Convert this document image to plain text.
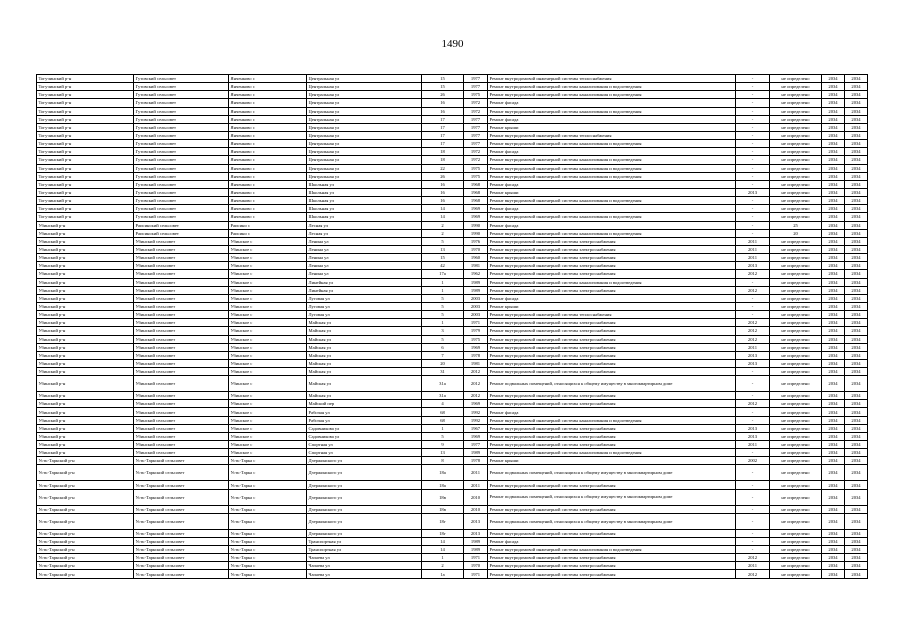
1490
Тогучинский р-н	Гутовский сельсовет	Янченково с	Центральная ул	15	1977	Ремонт внутридомовой инженерной системы теплоснабжения	-	не определено	2034	2034
Тогучинский р-н	Гутовский сельсовет	Янченково с	Центральная ул	15	1977	Ремонт внутридомовой инженерной системы канализования и водоотведения	-	не определено	2034	2034
Тогучинский р-н	Гутовский сельсовет	Янченково с	Центральная ул	26	1975	Ремонт внутридомовой инженерной системы канализования и водоотведения	-	не определено	2034	2034
Тогучинский р-н	Гутовский сельсовет	Янченково с	Центральная ул	16	1972	Ремонт фасада	-	не определено	2034	2034
Тогучинский р-н	Гутовский сельсовет	Янченково с	Центральная ул	16	1972	Ремонт внутридомовой инженерной системы канализования и водоотведения	-	не определено	2034	2034
Тогучинский р-н	Гутовский сельсовет	Янченково с	Центральная ул	17	1977	Ремонт фасада	-	не определено	2034	2034
Тогучинский р-н	Гутовский сельсовет	Янченково с	Центральная ул	17	1977	Ремонт крыши	-	не определено	2034	2034
Тогучинский р-н	Гутовский сельсовет	Янченково с	Центральная ул	17	1977	Ремонт внутридомовой инженерной системы теплоснабжения	-	не определено	2034	2034
Тогучинский р-н	Гутовский сельсовет	Янченково с	Центральная ул	17	1977	Ремонт внутридомовой инженерной системы канализования и водоотведения	-	не определено	2034	2034
Тогучинский р-н	Гутовский сельсовет	Янченково с	Центральная ул	18	1972	Ремонт фасада	-	не определено	2034	2034
Тогучинский р-н	Гутовский сельсовет	Янченково с	Центральная ул	18	1972	Ремонт внутридомовой инженерной системы канализования и водоотведения	-	не определено	2034	2034
Тогучинский р-н	Гутовский сельсовет	Янченково с	Центральная ул	22	1975	Ремонт внутридомовой инженерной системы канализования и водоотведения	-	не определено	2034	2034
Тогучинский р-н	Гутовский сельсовет	Янченково с	Центральная ул	26	1975	Ремонт внутридомовой инженерной системы канализования и водоотведения	-	не определено	2034	2034
Тогучинский р-н	Гутовский сельсовет	Янченково с	Школьная ул	16	1968	Ремонт фасада	-	не определено	2034	2034
Тогучинский р-н	Гутовский сельсовет	Янченково с	Школьная ул	16	1968	Ремонт крыши	2013	не определено	2034	2034
Тогучинский р-н	Гутовский сельсовет	Янченково с	Школьная ул	16	1968	Ремонт внутридомовой инженерной системы канализования и водоотведения	-	не определено	2034	2034
Тогучинский р-н	Гутовский сельсовет	Янченково с	Школьная ул	14	1969	Ремонт фасада	-	не определено	2034	2034
Тогучинский р-н	Гутовский сельсовет	Янченково с	Школьная ул	14	1969	Ремонт внутридомовой инженерной системы канализования и водоотведения	-	не определено	2034	2034
Убинский р-н	Раисинский сельсовет	Раисино с	Лесная ул	2	1990	Ремонт фасада	-	25	2034	2034
Убинский р-н	Раисинский сельсовет	Раисино с	Лесная ул	2	1990	Ремонт внутридомовой инженерной системы канализования и водоотведения	-	20	2034	2034
Убинский р-н	Убинский сельсовет	Убинское с	Ленина ул	5	1976	Ремонт внутридомовой инженерной системы электроснабжения	2011	не определено	2034	2034
Убинский р-н	Убинский сельсовет	Убинское с	Ленина ул	13	1970	Ремонт внутридомовой инженерной системы электроснабжения	2011	не определено	2034	2034
Убинский р-н	Убинский сельсовет	Убинское с	Ленина ул	15	1960	Ремонт внутридомовой инженерной системы электроснабжения	2011	не определено	2034	2034
Убинский р-н	Убинский сельсовет	Убинское с	Ленина ул	42	1981	Ремонт внутридомовой инженерной системы электроснабжения	2013	не определено	2034	2034
Убинский р-н	Убинский сельсовет	Убинское с	Ленина ул	17а	1962	Ремонт внутридомовой инженерной системы электроснабжения	2012	не определено	2034	2034
Убинский р-н	Убинский сельсовет	Убинское с	Линейная ул	1	1989	Ремонт внутридомовой инженерной системы канализования и водоотведения	-	не определено	2034	2034
Убинский р-н	Убинский сельсовет	Убинское с	Линейная ул	1	1989	Ремонт внутридомовой инженерной системы электроснабжения	2012	не определено	2034	2034
Убинский р-н	Убинский сельсовет	Убинское с	Луговая ул	5	2003	Ремонт фасада	-	не определено	2034	2034
Убинский р-н	Убинский сельсовет	Убинское с	Луговая ул	5	2003	Ремонт крыши	-	не определено	2034	2034
Убинский р-н	Убинский сельсовет	Убинское с	Луговая ул	5	2003	Ремонт внутридомовой инженерной системы теплоснабжения	-	не определено	2034	2034
Убинский р-н	Убинский сельсовет	Убинское с	Майская ул	1	1971	Ремонт внутридомовой инженерной системы электроснабжения	2012	не определено	2034	2034
Убинский р-н	Убинский сельсовет	Убинское с	Майская ул	3	1979	Ремонт внутридомовой инженерной системы электроснабжения	2012	не определено	2034	2034
Убинский р-н	Убинский сельсовет	Убинское с	Майская ул	5	1975	Ремонт внутридомовой инженерной системы электроснабжения	2012	не определено	2034	2034
Убинский р-н	Убинский сельсовет	Убинское с	Майская ул	6	1969	Ремонт внутридомовой инженерной системы электроснабжения	2011	не определено	2034	2034
Убинский р-н	Убинский сельсовет	Убинское с	Майская ул	7	1978	Ремонт внутридомовой инженерной системы электроснабжения	2013	не определено	2034	2034
Убинский р-н	Убинский сельсовет	Убинское с	Майская ул	20	1981	Ремонт внутридомовой инженерной системы электроснабжения	2013	не определено	2034	2034
Убинский р-н	Убинский сельсовет	Убинское с	Майская ул	31	2012	Ремонт внутридомовой инженерной системы электроснабжения	-	не определено	2034	2034
Убинский р-н	Убинский сельсовет	Убинское с	Майская ул	31а	2012	Ремонт подвальных помещений, относящихся к общему имуществу в многоквартирном доме	-	не определено	2034	2034
Убинский р-н	Убинский сельсовет	Убинское с	Майская ул	31а	2012	Ремонт внутридомовой инженерной системы электроснабжения	-	не определено	2034	2034
Убинский р-н	Убинский сельсовет	Убинское с	Майский пер	4	1969	Ремонт внутридомовой инженерной системы электроснабжения	2012	не определено	2034	2034
Убинский р-н	Убинский сельсовет	Убинское с	Рабочая ул	68	1992	Ремонт фасада	-	не определено	2034	2034
Убинский р-н	Убинский сельсовет	Убинское с	Рабочая ул	68	1992	Ремонт внутридомовой инженерной системы канализования и водоотведения	-	не определено	2034	2034
Убинский р-н	Убинский сельсовет	Убинское с	Садовникова ул	1	1967	Ремонт внутридомовой инженерной системы электроснабжения	2013	не определено	2034	2034
Убинский р-н	Убинский сельсовет	Убинское с	Садовникова ул	5	1969	Ремонт внутридомовой инженерной системы электроснабжения	2013	не определено	2034	2034
Убинский р-н	Убинский сельсовет	Убинское с	Спортная ул	9	1977	Ремонт внутридомовой инженерной системы электроснабжения	2011	не определено	2034	2034
Убинский р-н	Убинский сельсовет	Убинское с	Спортная ул	13	1989	Ремонт внутридомовой инженерной системы канализования и водоотведения	-	не определено	2034	2034
Усть-Таркский р-н	Усть-Таркский сельсовет	Усть-Тарка с	Дзержинского ул	8	1978	Ремонт крыши	2002	не определено	2034	2034
Усть-Таркский р-н	Усть-Таркский сельсовет	Усть-Тарка с	Дзержинского ул	18а	2011	Ремонт подвальных помещений, относящихся к общему имуществу в многоквартирном доме	-	не определено	2034	2034
Усть-Таркский р-н	Усть-Таркский сельсовет	Усть-Тарка с	Дзержинского ул	18а	2011	Ремонт внутридомовой инженерной системы электроснабжения	-	не определено	2034	2034
Усть-Таркский р-н	Усть-Таркский сельсовет	Усть-Тарка с	Дзержинского ул	18в	2010	Ремонт подвальных помещений, относящихся к общему имуществу в многоквартирном доме	-	не определено	2034	2034
Усть-Таркский р-н	Усть-Таркский сельсовет	Усть-Тарка с	Дзержинского ул	18в	2010	Ремонт внутридомовой инженерной системы электроснабжения	-	не определено	2034	2034
Усть-Таркский р-н	Усть-Таркский сельсовет	Усть-Тарка с	Дзержинского ул	18г	2013	Ремонт подвальных помещений, относящихся к общему имуществу в многоквартирном доме	-	не определено	2034	2034
Усть-Таркский р-н	Усть-Таркский сельсовет	Усть-Тарка с	Дзержинского ул	18г	2013	Ремонт внутридомовой инженерной системы электроснабжения	-	не определено	2034	2034
Усть-Таркский р-н	Усть-Таркский сельсовет	Усть-Тарка с	Транспортная ул	14	1989	Ремонт фасада	-	не определено	2034	2034
Усть-Таркский р-н	Усть-Таркский сельсовет	Усть-Тарка с	Транспортная ул	14	1989	Ремонт внутридомовой инженерной системы канализования и водоотведения	-	не определено	2034	2034
Усть-Таркский р-н	Усть-Таркский сельсовет	Усть-Тарка с	Чапаева ул	1	1971	Ремонт внутридомовой инженерной системы электроснабжения	2012	не определено	2034	2034
Усть-Таркский р-н	Усть-Таркский сельсовет	Усть-Тарка с	Чапаева ул	2	1970	Ремонт внутридомовой инженерной системы электроснабжения	2011	не определено	2034	2034
Усть-Таркский р-н	Усть-Таркский сельсовет	Усть-Тарка с	Чапаева ул	1а	1971	Ремонт внутридомовой инженерной системы электроснабжения	2012	не определено	2034	2034
